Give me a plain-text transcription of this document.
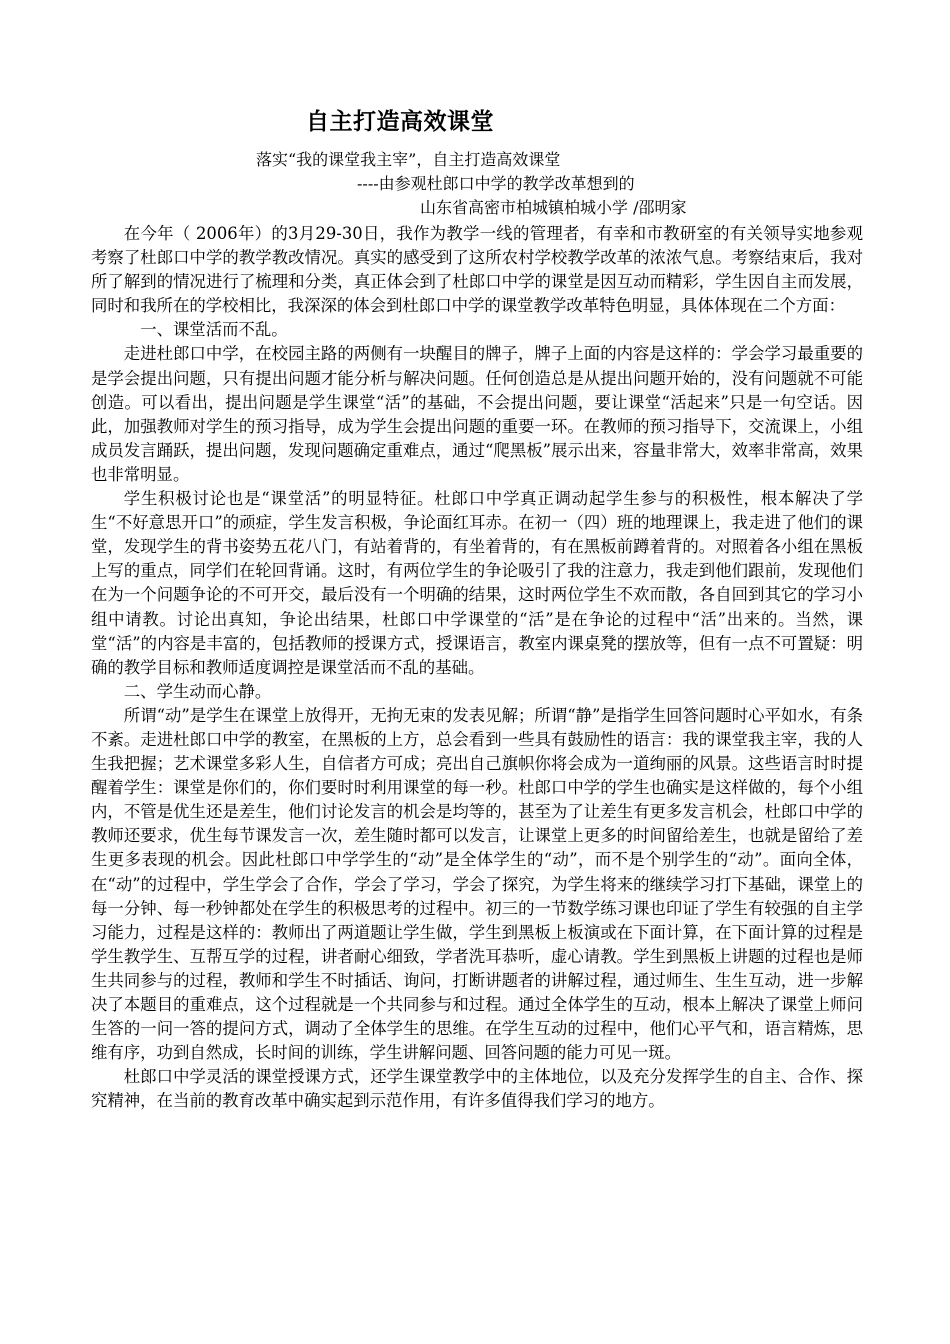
自主打造高效课堂
落实“我的课堂我主宰”，自主打造高效课堂
----由参观杜郎口中学的教学改革想到的
山东省高密市柏城镇柏城小学 /邵明家

在今年（ 2006年）的3月29-30日，我作为教学一线的管理者，有幸和市教研室的有关领导实地参观考察了杜郎口中学的教学教改情况。真实的感受到了这所农村学校教学改革的浓浓气息。考察结束后，我对所了解到的情况进行了梳理和分类，真正体会到了杜郎口中学的课堂是因互动而精彩，学生因自主而发展，同时和我所在的学校相比，我深深的体会到杜郎口中学的课堂教学改革特色明显，具体体现在二个方面：

一、课堂活而不乱。

走进杜郎口中学，在校园主路的两侧有一块醒目的牌子，牌子上面的内容是这样的：学会学习最重要的是学会提出问题，只有提出问题才能分析与解决问题。任何创造总是从提出问题开始的，没有问题就不可能创造。可以看出，提出问题是学生课堂“活”的基础，不会提出问题，要让课堂“活起来”只是一句空话。因此，加强教师对学生的预习指导，成为学生会提出问题的重要一环。在教师的预习指导下，交流课上，小组成员发言踊跃，提出问题，发现问题确定重难点，通过“爬黑板”展示出来，容量非常大，效率非常高，效果也非常明显。

学生积极讨论也是“课堂活”的明显特征。杜郎口中学真正调动起学生参与的积极性，根本解决了学生“不好意思开口”的顽症，学生发言积极，争论面红耳赤。在初一（四）班的地理课上，我走进了他们的课堂，发现学生的背书姿势五花八门，有站着背的，有坐着背的，有在黑板前蹲着背的。对照着各小组在黑板上写的重点，同学们在轮回背诵。这时，有两位学生的争论吸引了我的注意力，我走到他们跟前，发现他们在为一个问题争论的不可开交，最后没有一个明确的结果，这时两位学生不欢而散，各自回到其它的学习小组中请教。讨论出真知，争论出结果，杜郎口中学课堂的“活”是在争论的过程中“活”出来的。当然，课堂“活”的内容是丰富的，包括教师的授课方式，授课语言，教室内课桌凳的摆放等，但有一点不可置疑：明确的教学目标和教师适度调控是课堂活而不乱的基础。

二、学生动而心静。

所谓“动”是学生在课堂上放得开，无拘无束的发表见解；所谓“静”是指学生回答问题时心平如水，有条不紊。走进杜郎口中学的教室，在黑板的上方，总会看到一些具有鼓励性的语言：我的课堂我主宰，我的人生我把握；艺术课堂多彩人生，自信者方可成；亮出自己旗帜你将会成为一道绚丽的风景。这些语言时时提醒着学生：课堂是你们的，你们要时时利用课堂的每一秒。杜郎口中学的学生也确实是这样做的，每个小组内，不管是优生还是差生，他们讨论发言的机会是均等的，甚至为了让差生有更多发言机会，杜郎口中学的教师还要求，优生每节课发言一次，差生随时都可以发言，让课堂上更多的时间留给差生，也就是留给了差生更多表现的机会。因此杜郎口中学学生的“动”是全体学生的“动”，而不是个别学生的“动”。面向全体，在“动”的过程中，学生学会了合作，学会了学习，学会了探究，为学生将来的继续学习打下基础，课堂上的每一分钟、每一秒钟都处在学生的积极思考的过程中。初三的一节数学练习课也印证了学生有较强的自主学习能力，过程是这样的：教师出了两道题让学生做，学生到黑板上板演或在下面计算，在下面计算的过程是学生教学生、互帮互学的过程，讲者耐心细致，学者洗耳恭听，虚心请教。学生到黑板上讲题的过程也是师生共同参与的过程，教师和学生不时插话、询问，打断讲题者的讲解过程，通过师生、生生互动，进一步解决了本题目的重难点，这个过程就是一个共同参与和过程。通过全体学生的互动，根本上解决了课堂上师问生答的一问一答的提问方式，调动了全体学生的思维。在学生互动的过程中，他们心平气和，语言精炼，思维有序，功到自然成，长时间的训练，学生讲解问题、回答问题的能力可见一斑。

杜郎口中学灵活的课堂授课方式，还学生课堂教学中的主体地位，以及充分发挥学生的自主、合作、探究精神，在当前的教育改革中确实起到示范作用，有许多值得我们学习的地方。
